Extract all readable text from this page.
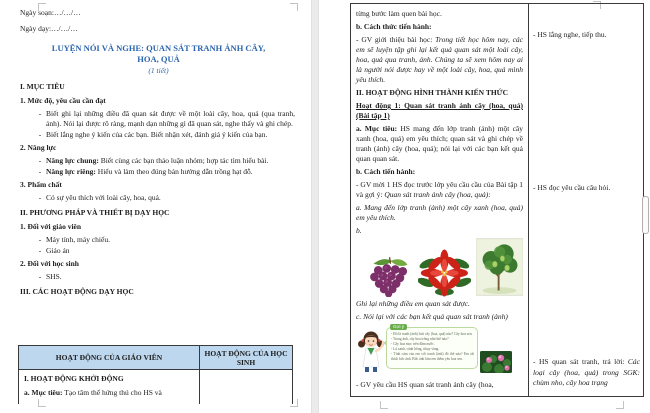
Ngày soạn:…/…/…

Ngày dạy:…/…/…

LUYỆN NÓI VÀ NGHE: QUAN SÁT TRANH ẢNH CÂY, HOA, QUẢ
(1 tiết)
I. MỤC TIÊU
1. Mức độ, yêu cầu cần đạt
- Biết ghi lại những điều đã quan sát được về một loài cây, hoa, quả (qua tranh, ảnh). Nói lại được rõ ràng, mạnh dạn những gì đã quan sát, nghe thấy và ghi chép.
- Biết lắng nghe ý kiến của các bạn. Biết nhận xét, đánh giá ý kiến của bạn.
2. Năng lực
- Năng lực chung: Biết cùng các bạn thảo luận nhóm; hợp tác tìm hiểu bài.
- Năng lực riêng: Hiểu và làm theo đúng bản hướng dẫn trồng hạt đỗ.
3. Phẩm chất
- Có sự yêu thích với loài cây, hoa, quả.
II. PHƯƠNG PHÁP VÀ THIẾT BỊ DẠY HỌC
1. Đối với giáo viên
- Máy tính, máy chiếu.
- Giáo án
2. Đối với học sinh
- SHS.
III. CÁC HOẠT ĐỘNG DẠY HỌC
HOẠT ĐỘNG CỦA GIÁO VIÊN	HOẠT ĐỘNG CỦA HỌC SINH
I. HOẠT ĐỘNG KHỞI ĐỘNG
a. Mục tiêu: Tạo tâm thế hứng thú cho HS và

từng bước làm quen bài học.

b. Cách thức tiến hành:

- GV giới thiệu bài học: Trong tiết học hôm nay, các em sẽ luyện tập ghi lại kết quả quan sát một loài cây, hoa, quả qua tranh, ảnh. Chúng ta sẽ xem hôm nay ai là người nói được hay về một loài cây, hoa, quả mình yêu thích.

II. HOẠT ĐỘNG HÌNH THÀNH KIẾN THỨC

Hoạt động 1: Quan sát tranh ảnh cây (hoa, quả) (Bài tập 1)

a. Mục tiêu: HS mang đến lớp tranh (ảnh) một cây xanh (hoa, quả) em yêu thích; quan sát và ghi chép về tranh (ảnh) cây (hoa, quả); nói lại với các bạn kết quả quan quan sát.

b. Cách tiến hành:

- GV mời 1 HS đọc trước lớp yêu cầu cầu của Bài tập 1 và gợi ý: Quan sát tranh ảnh cây (hoa, quả):

a. Mang đến lớp tranh (ảnh) một cây xanh (hoa, quả) em yêu thích.

b.

Ghi lại những điều em quan sát được.

c. Nói lại với các bạn kết quả quan sát tranh (ảnh)

Gợi ý
- Đó là tranh (ảnh) loài cây (hoa, quả) nào? Cây hoa sen.
- Trong ảnh, cây hoa trông như thế nào?
- Cây hoa mọc trên đầm nước.
- Lá xanh, cánh hồng, nhụy vàng.
- Tình cảm của em với tranh (ảnh) đó thế nào? Em rất thích bức ảnh. Bức ảnh làm em thêm yêu hoa sen.

- GV yêu cầu HS quan sát tranh ảnh cây (hoa,

- HS lắng nghe, tiếp thu.
- HS đọc yêu cầu câu hỏi.
- HS quan sát tranh, trả lời: Các loại cây (hoa, quả) trong SGK: chùm nho, cây hoa trạng
